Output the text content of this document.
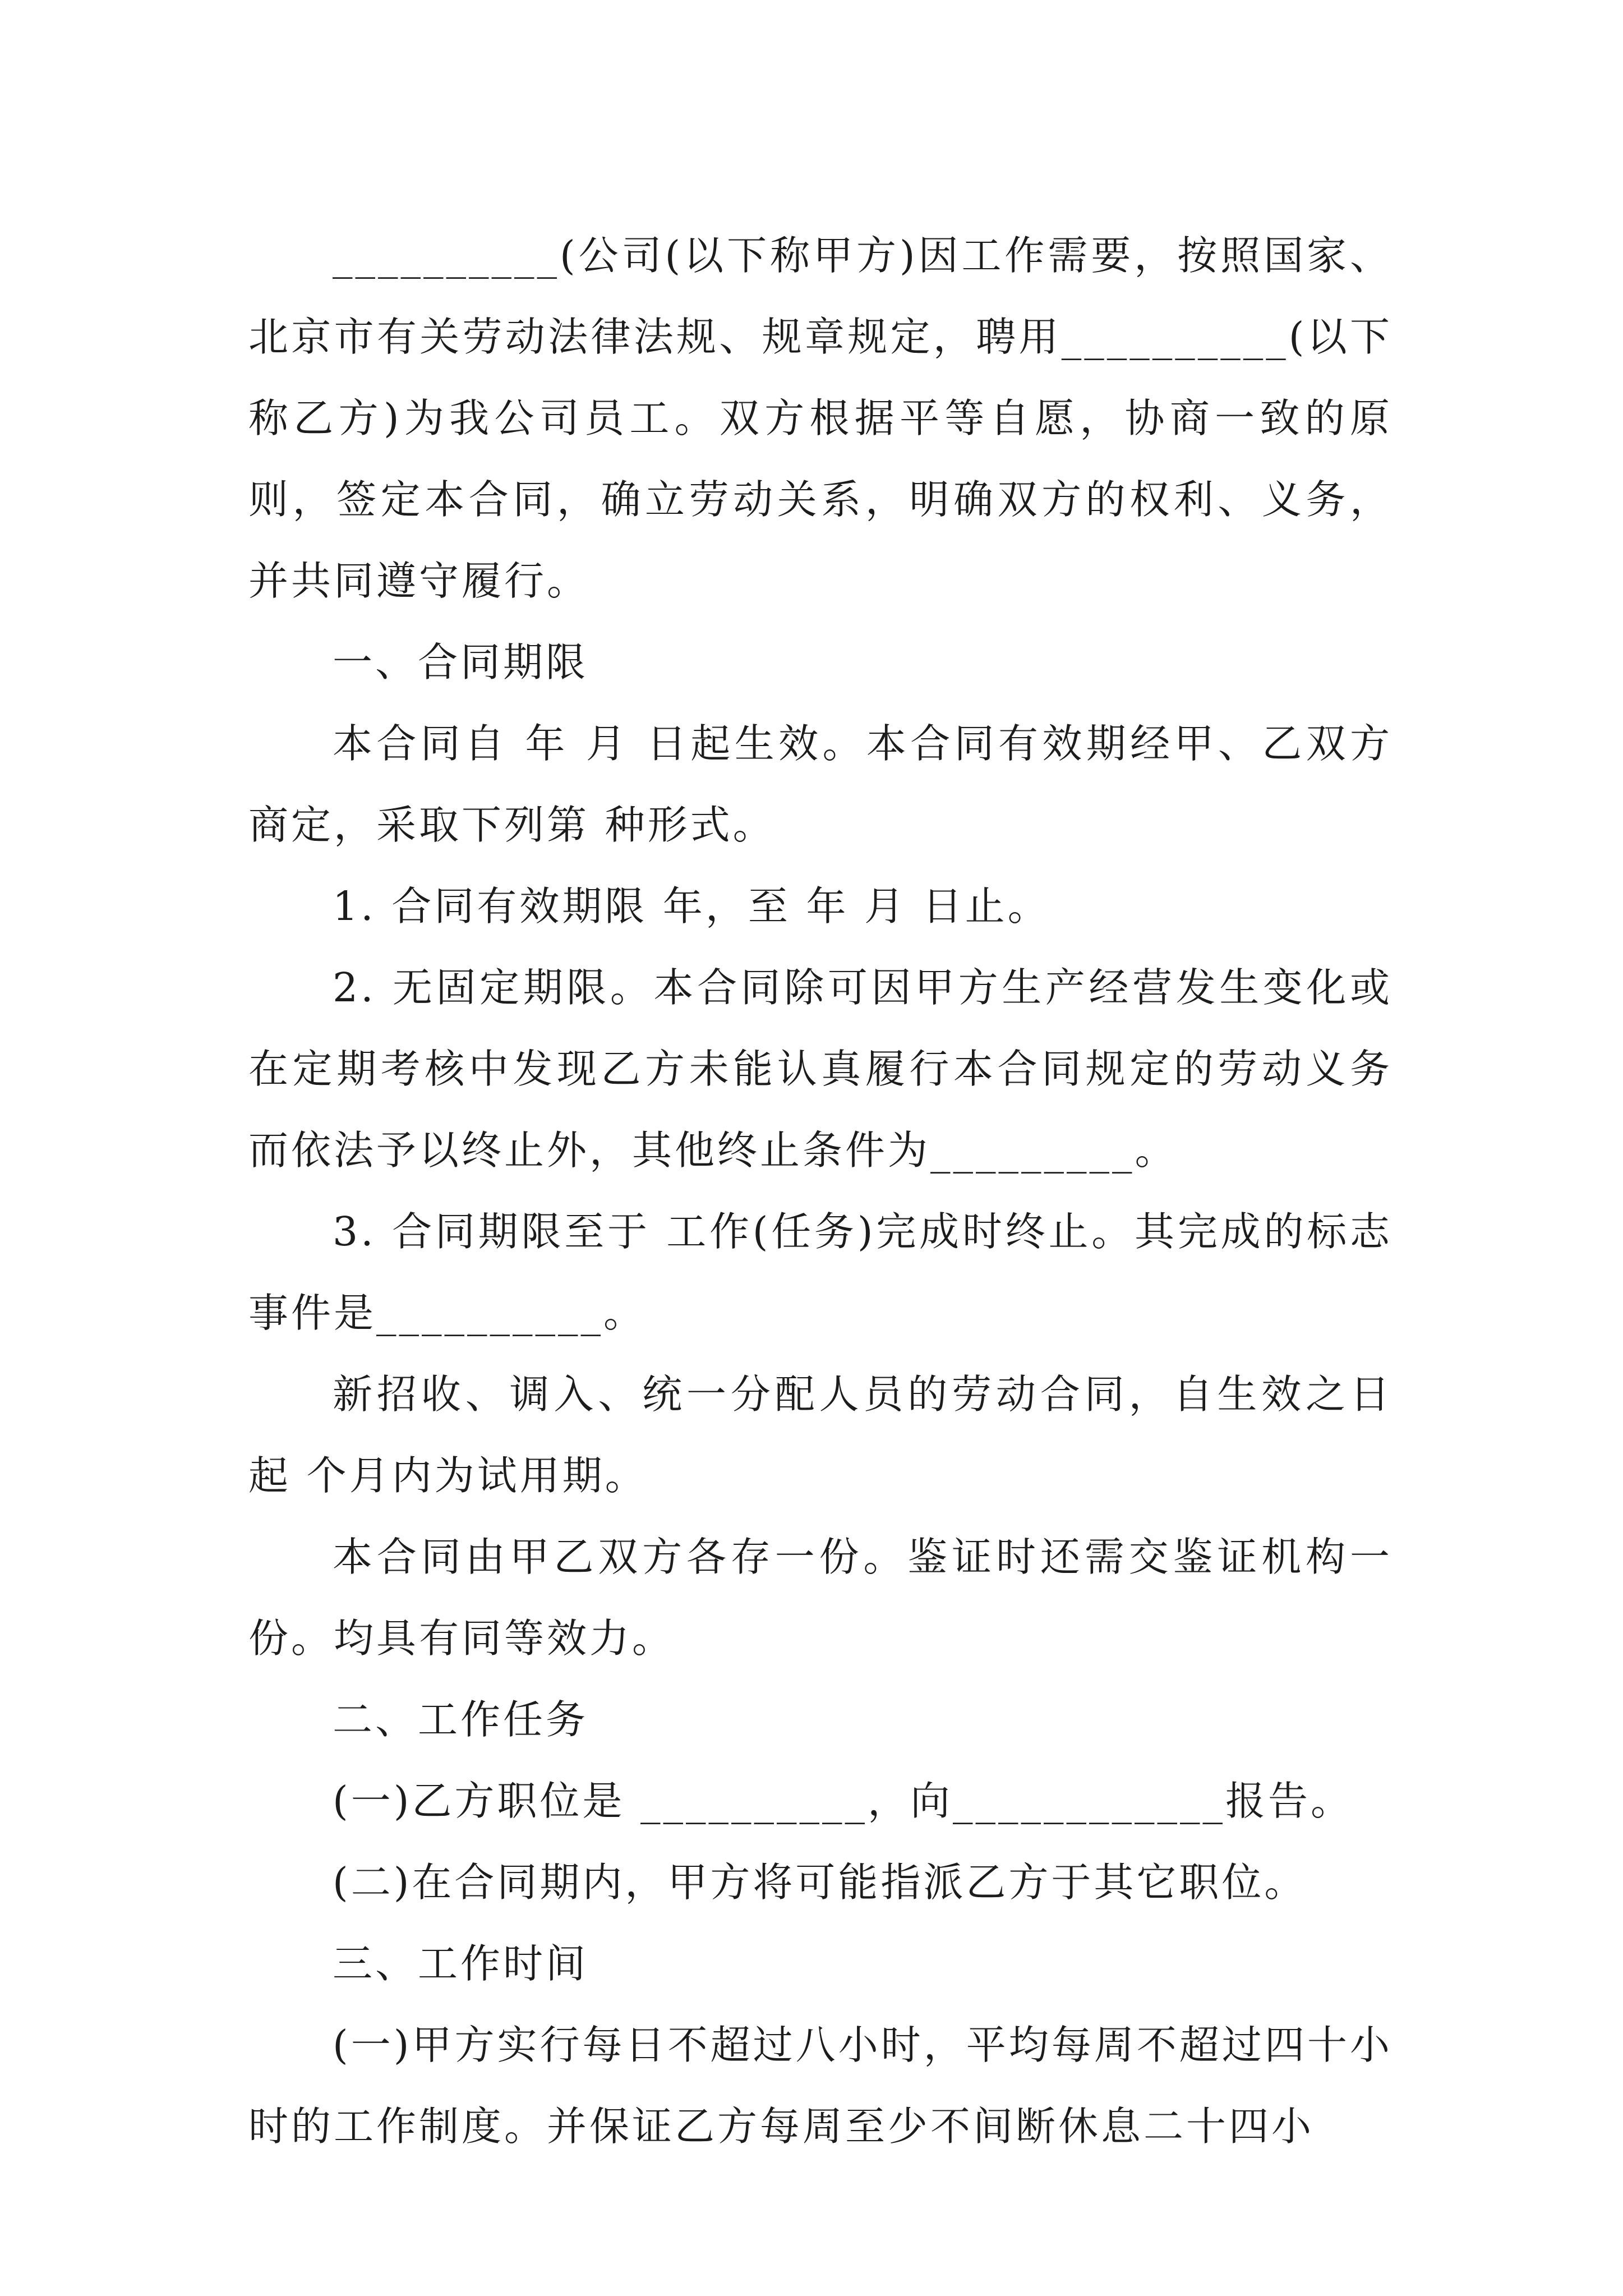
__________(公司(以下称甲方)因工作需要，按照国家、北京市有关劳动法律法规、规章规定，聘用__________(以下称乙方)为我公司员工。双方根据平等自愿，协商一致的原则，签定本合同，确立劳动关系，明确双方的权利、义务，并共同遵守履行。

一、合同期限

本合同自 年 月 日起生效。本合同有效期经甲、乙双方商定，采取下列第 种形式。

1. 合同有效期限 年，至 年 月 日止。

2. 无固定期限。本合同除可因甲方生产经营发生变化或在定期考核中发现乙方未能认真履行本合同规定的劳动义务而依法予以终止外，其他终止条件为_________。

3. 合同期限至于 工作(任务)完成时终止。其完成的标志事件是__________。

新招收、调入、统一分配人员的劳动合同，自生效之日起 个月内为试用期。

本合同由甲乙双方各存一份。鉴证时还需交鉴证机构一份。均具有同等效力。

二、工作任务

(一)乙方职位是 __________，向____________报告。

(二)在合同期内，甲方将可能指派乙方于其它职位。

三、工作时间

(一)甲方实行每日不超过八小时，平均每周不超过四十小时的工作制度。并保证乙方每周至少不间断休息二十四小
